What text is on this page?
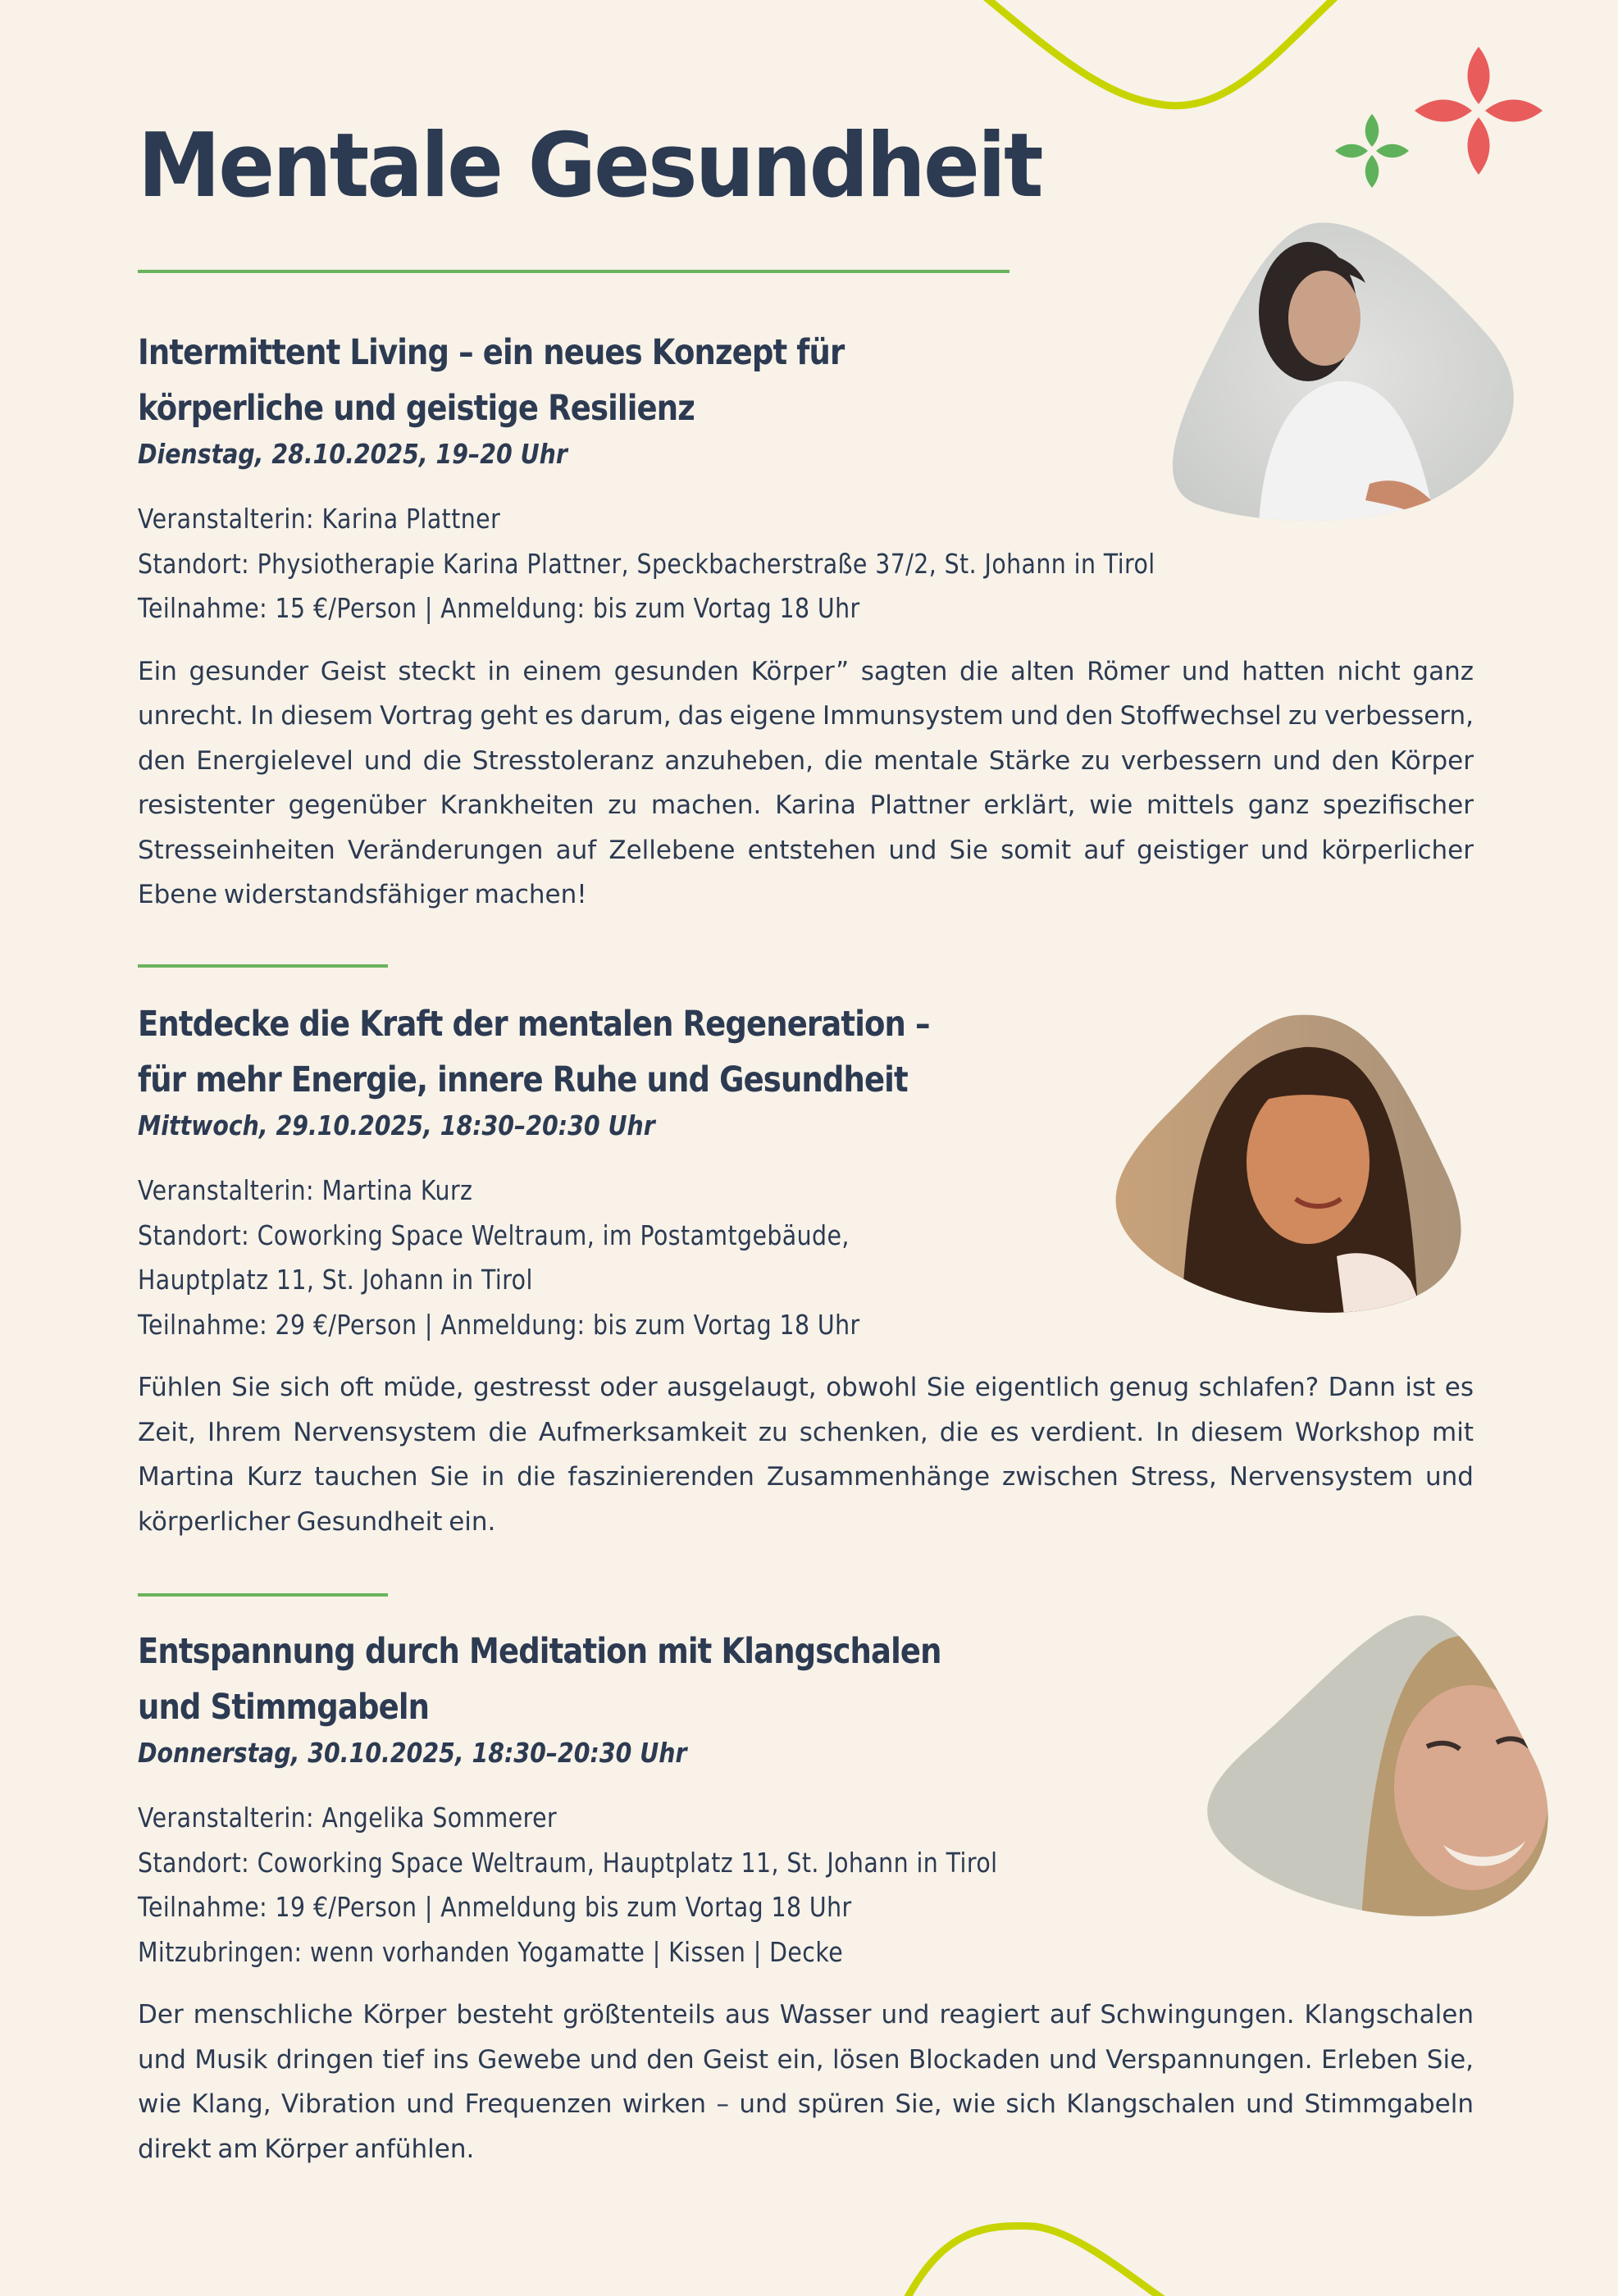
Mentale Gesundheit
Intermittent Living – ein neues Konzept für
körperliche und geistige Resilienz

Dienstag, 28.10.2025, 19–20 Uhr

Veranstalterin: Karina Plattner
Standort: Physiotherapie Karina Plattner, Speckbacherstraße 37/2, St. Johann in Tirol
Teilnahme: 15 €/Person | Anmeldung: bis zum Vortag 18 Uhr

Ein gesunder Geist steckt in einem gesunden Körper” sagten die alten Römer und hatten nicht ganz unrecht. In diesem Vortrag geht es darum, das eigene Immunsystem und den Stoffwechsel zu verbessern, den Energielevel und die Stresstoleranz anzuheben, die mentale Stärke zu verbessern und den Körper resistenter gegenüber Krankheiten zu machen. Karina Plattner erklärt, wie mittels ganz spezifischer Stresseinheiten Veränderungen auf Zellebene entstehen und Sie somit auf geistiger und körperlicher Ebene widerstandsfähiger machen!

Entdecke die Kraft der mentalen Regeneration –
für mehr Energie, innere Ruhe und Gesundheit

Mittwoch, 29.10.2025, 18:30–20:30 Uhr

Veranstalterin: Martina Kurz
Standort: Coworking Space Weltraum, im Postamtgebäude,
Hauptplatz 11, St. Johann in Tirol
Teilnahme: 29 €/Person | Anmeldung: bis zum Vortag 18 Uhr

Fühlen Sie sich oft müde, gestresst oder ausgelaugt, obwohl Sie eigentlich genug schlafen? Dann ist es Zeit, Ihrem Nervensystem die Aufmerksamkeit zu schenken, die es verdient. In diesem Workshop mit Martina Kurz tauchen Sie in die faszinierenden Zusammenhänge zwischen Stress, Nervensystem und körperlicher Gesundheit ein.

Entspannung durch Meditation mit Klangschalen
und Stimmgabeln

Donnerstag, 30.10.2025, 18:30–20:30 Uhr

Veranstalterin: Angelika Sommerer
Standort: Coworking Space Weltraum, Hauptplatz 11, St. Johann in Tirol
Teilnahme: 19 €/Person | Anmeldung bis zum Vortag 18 Uhr
Mitzubringen: wenn vorhanden Yogamatte | Kissen | Decke

Der menschliche Körper besteht größtenteils aus Wasser und reagiert auf Schwingungen. Klangschalen und Musik dringen tief ins Gewebe und den Geist ein, lösen Blockaden und Verspannungen. Erleben Sie, wie Klang, Vibration und Frequenzen wirken – und spüren Sie, wie sich Klangschalen und Stimmgabeln direkt am Körper anfühlen.
